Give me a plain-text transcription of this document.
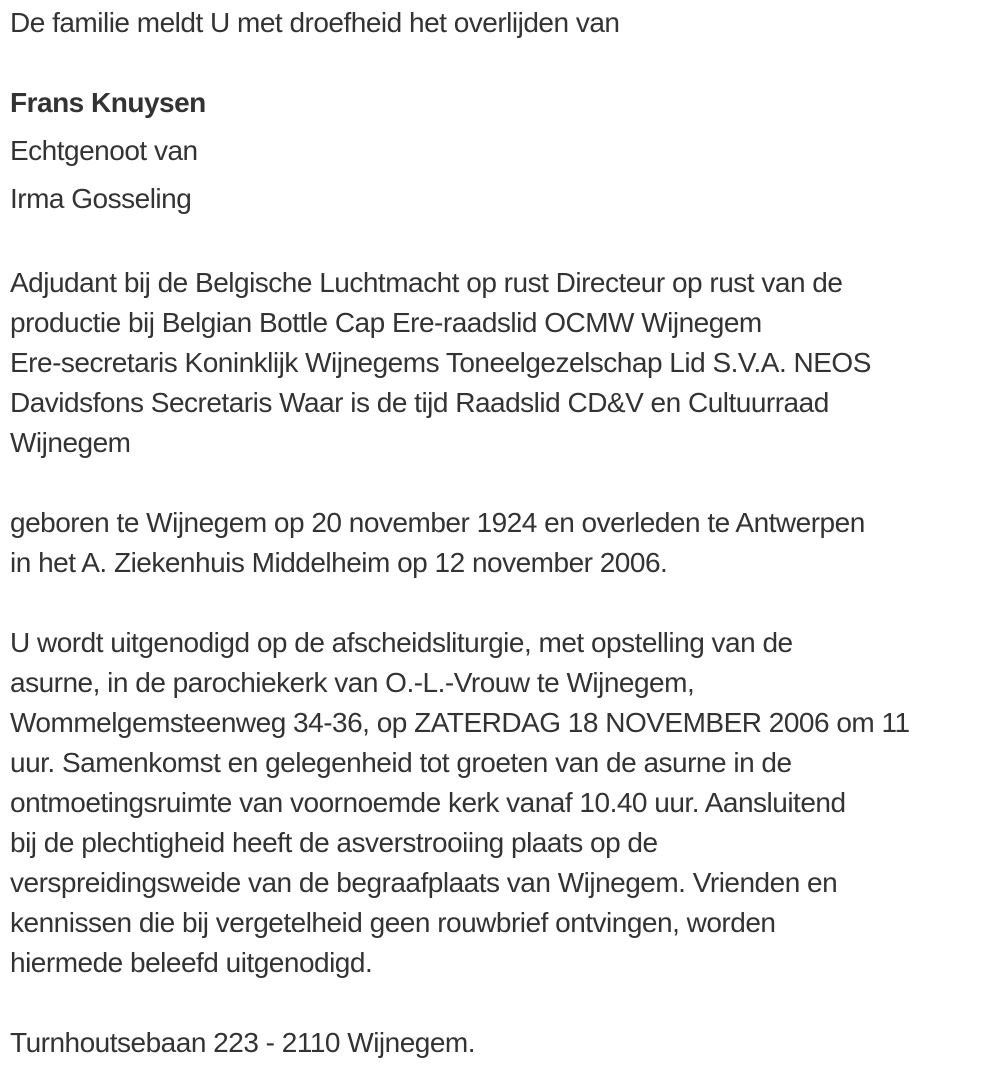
De familie meldt U met droefheid het overlijden van

Frans Knuysen
Echtgenoot van
Irma Gosseling

Adjudant bij de Belgische Luchtmacht op rust Directeur op rust van de
productie bij Belgian Bottle Cap Ere-raadslid OCMW Wijnegem
Ere-secretaris Koninklijk Wijnegems Toneelgezelschap Lid S.V.A. NEOS
Davidsfons Secretaris Waar is de tijd Raadslid CD&V en Cultuurraad
Wijnegem

geboren te Wijnegem op 20 november 1924 en overleden te Antwerpen
in het A. Ziekenhuis Middelheim op 12 november 2006.

U wordt uitgenodigd op de afscheidsliturgie, met opstelling van de
asurne, in de parochiekerk van O.-L.-Vrouw te Wijnegem,
Wommelgemsteenweg 34-36, op ZATERDAG 18 NOVEMBER 2006 om 11
uur. Samenkomst en gelegenheid tot groeten van de asurne in de
ontmoetingsruimte van voornoemde kerk vanaf 10.40 uur. Aansluitend
bij de plechtigheid heeft de asverstrooiing plaats op de
verspreidingsweide van de begraafplaats van Wijnegem. Vrienden en
kennissen die bij vergetelheid geen rouwbrief ontvingen, worden
hiermede beleefd uitgenodigd.

Turnhoutsebaan 223 - 2110 Wijnegem.
